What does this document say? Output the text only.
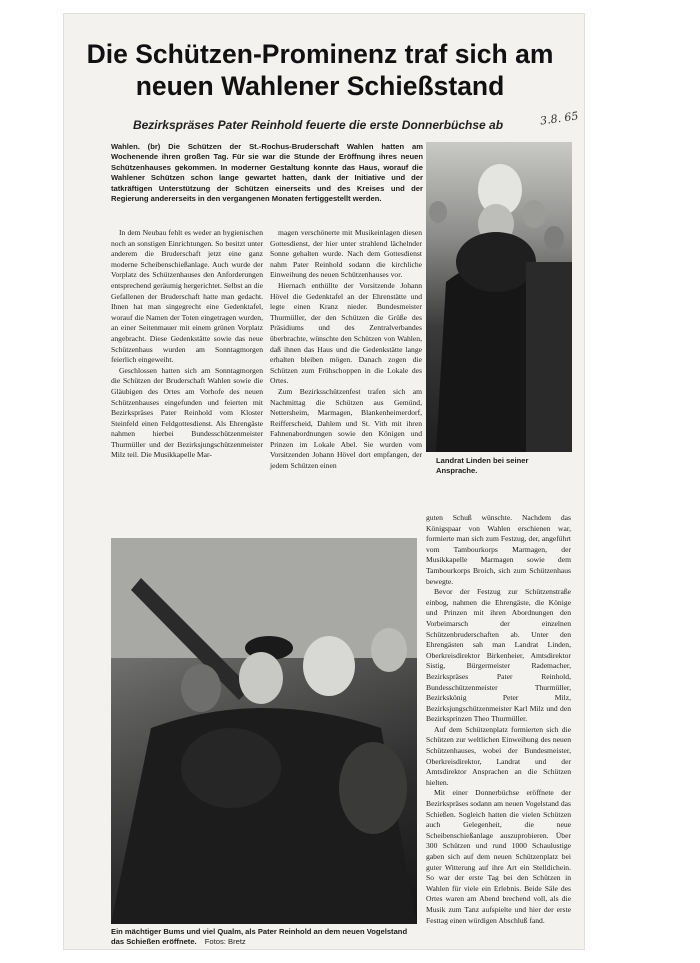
Die Schützen-Prominenz traf sich am neuen Wahlener Schießstand
Bezirkspräses Pater Reinhold feuerte die erste Donnerbüchse ab	3.8. 65
Wahlen. (br) Die Schützen der St.-Rochus-Bruderschaft Wahlen hatten am Wochenende ihren großen Tag. Für sie war die Stunde der Eröffnung ihres neuen Schützenhauses gekommen. In moderner Gestaltung konnte das Haus, worauf die Wahlener Schützen schon lange gewartet hatten, dank der Initiative und der tatkräftigen Unterstützung der Schützen einerseits und des Kreises und der Regierung andererseits in den vergangenen Monaten fertiggestellt werden.

In dem Neubau fehlt es weder an hygienischen noch an sonstigen Einrichtungen. So besitzt unter anderem die Bruderschaft jetzt eine ganz moderne Scheibenschießanlage. Auch wurde der Vorplatz des Schützenhauses den Anforderungen entsprechend geräumig hergerichtet. Selbst an die Gefallenen der Bruderschaft hatte man gedacht. Ihnen hat man singegrecht eine Gedenktafel, worauf die Namen der Toten eingetragen wurden, an einer Seitenmauer mit einem grünen Vorplatz angebracht. Diese Gedenkstätte sowie das neue Schützenhaus wurden am Sonntagmorgen feierlich eingeweiht.

Geschlossen hatten sich am Sonntagmorgen die Schützen der Bruderschaft Wahlen sowie die Gläubigen des Ortes am Vorhofe des neuen Schützenhauses eingefunden und feierten mit Bezirkspräses Pater Reinhold vom Kloster Steinfeld einen Feldgottesdienst. Als Ehrengäste nahmen hierbei Bundesschützenmeister Thurmüller und der Bezirksjungschützenmeister Milz teil. Die Musikkapelle Mar-

magen verschönerte mit Musikeinlagen diesen Gottesdienst, der hier unter strahlend lächelnder Sonne gehalten wurde. Nach dem Gottesdienst nahm Pater Reinhold sodann die kirchliche Einweihung des neuen Schützenhauses vor.

Hiernach enthüllte der Vorsitzende Johann Hövel die Gedenktafel an der Ehrenstätte und legte einen Kranz nieder. Bundesmeister Thurmüller, der den Schützen die Grüße des Präsidiums und des Zentralverbandes überbrachte, wünschte den Schützen von Wahlen, daß ihnen das Haus und die Gedenkstätte lange erhalten bleiben mögen. Danach zogen die Schützen zum Frühschoppen in die Lokale des Ortes.

Zum Bezirksschützenfest trafen sich am Nachmittag die Schützen aus Gemünd, Nettersheim, Marmagen, Blankenheimerdorf, Reifferscheid, Dahlem und St. Vith mit ihren Fahnenabordnungen sowie den Königen und Prinzen im Lokale Abel. Sie wurden vom Vorsitzenden Johann Hövel dort empfangen, der jedem Schützen einen

Landrat Linden bei seiner Ansprache.

guten Schuß wünschte. Nachdem das Königspaar von Wahlen erschienen war, formierte man sich zum Festzug, der, angeführt vom Tambourkorps Marmagen, der Musikkapelle Marmagen sowie dem Tambourkorps Broich, sich zum Schützenhaus bewegte.

Bevor der Festzug zur Schützenstraße einbog, nahmen die Ehrengäste, die Könige und Prinzen mit ihren Abordnungen den Vorbeimarsch der einzelnen Schützenbruderschaften ab. Unter den Ehrengästen sah man Landrat Linden, Oberkreisdirektor Birkenheier, Amtsdirektor Sistig, Bürgermeister Rademacher, Bezirkspräses Pater Reinhold, Bundesschützenmeister Thurmüller, Bezirkskönig Peter Milz, Bezirksjungschützenmeister Karl Milz und den Bezirksprinzen Theo Thurmüller.

Auf dem Schützenplatz formierten sich die Schützen zur weltlichen Einweihung des neuen Schützenhauses, wobei der Bundesmeister, Oberkreisdirektor, Landrat und der Amtsdirektor Ansprachen an die Schützen hielten.

Mit einer Donnerbüchse eröffnete der Bezirkspräses sodann am neuen Vogelstand das Schießen. Sogleich hatten die vielen Schützen auch Gelegenheit, die neue Scheibenschießanlage auszuprobieren. Über 300 Schützen und rund 1000 Schaulustige gaben sich auf dem neuen Schützenplatz bei guter Witterung auf ihre Art ein Stelldichein. So war der erste Tag bei den Schützen in Wahlen für viele ein Erlebnis. Beide Säle des Ortes waren am Abend brechend voll, als die Musik zum Tanz aufspielte und hier der erste Festtag einen würdigen Abschluß fand.

Ein mächtiger Bums und viel Qualm, als Pater Reinhold an dem neuen Vogelstand das Schießen eröffnete. Fotos: Bretz
